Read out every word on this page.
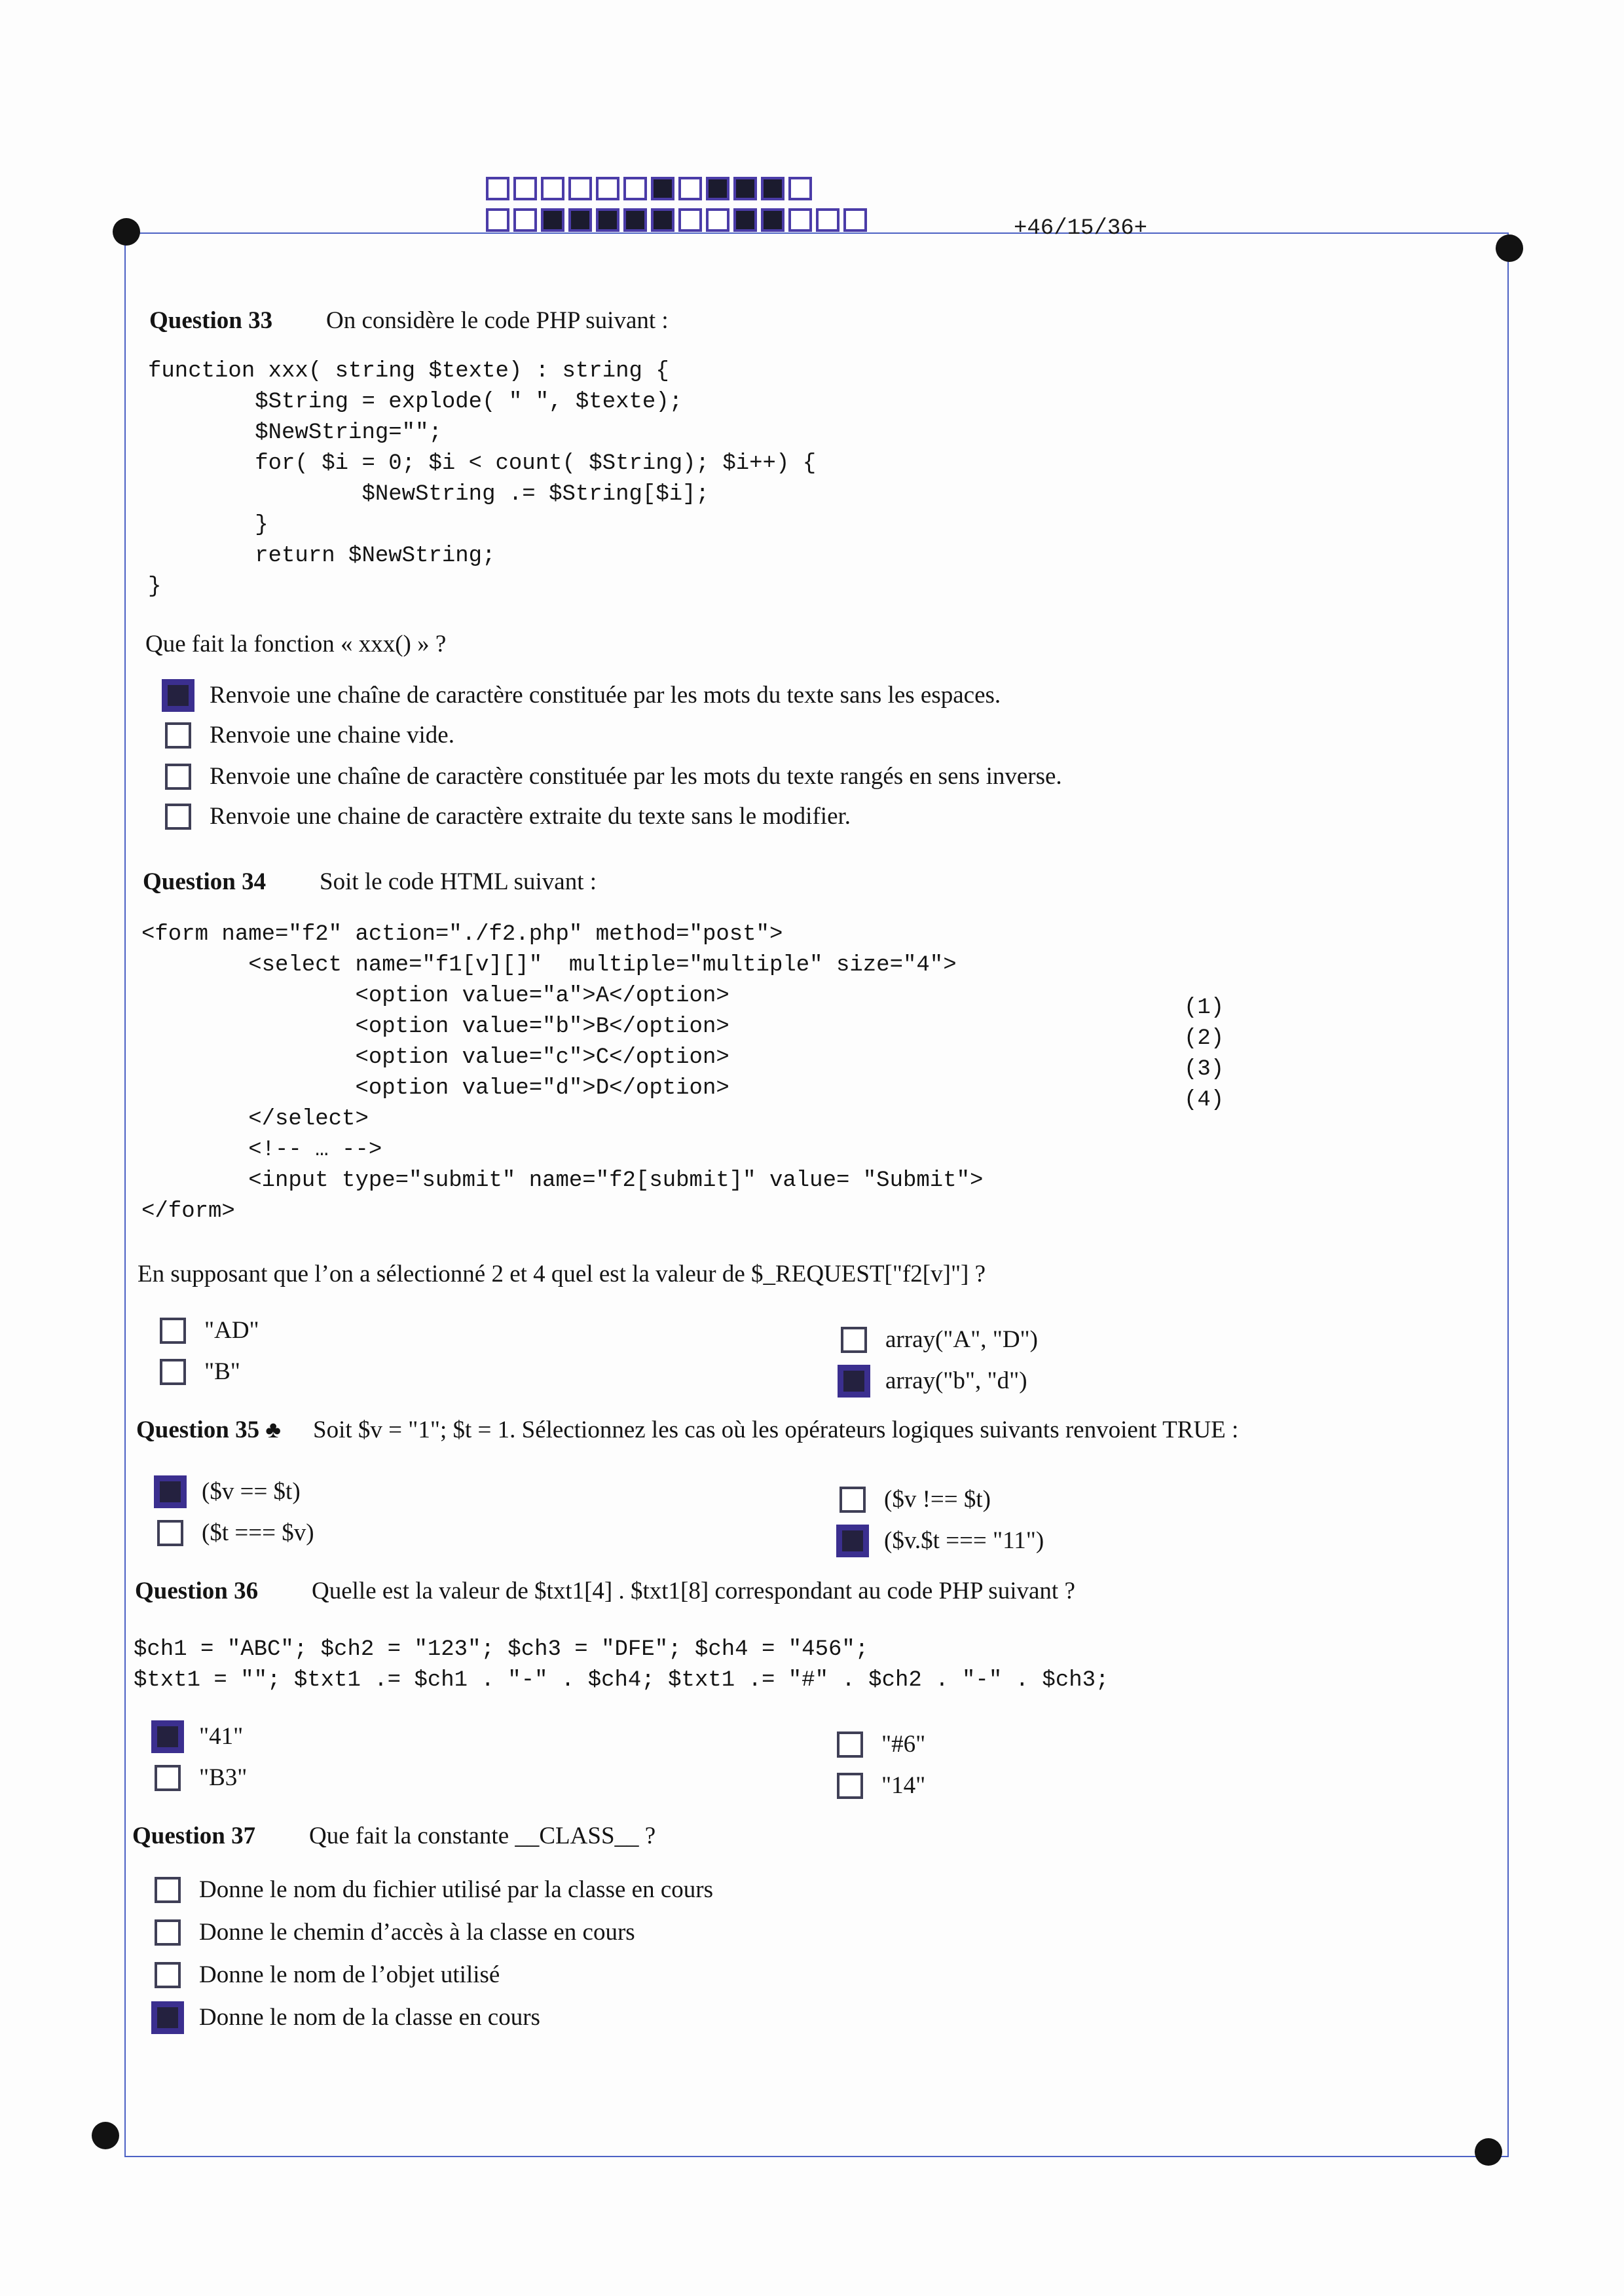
+46/15/36+
Question 33 On considère le code PHP suivant :
function xxx( string $texte) : string {
$String = explode( " ", $texte);
$NewString="";
for( $i = 0; $i < count( $String); $i++) {
$NewString .= $String[$i];
}
return $NewString;
}
Que fait la fonction « xxx() » ?
Renvoie une chaîne de caractère constituée par les mots du texte sans les espaces.
Renvoie une chaine vide.
Renvoie une chaîne de caractère constituée par les mots du texte rangés en sens inverse.
Renvoie une chaine de caractère extraite du texte sans le modifier.
Question 34 Soit le code HTML suivant :
<form name="f2" action="./f2.php" method="post">
<select name="f1[v][]"  multiple="multiple" size="4">
<option value="a">A</option>
<option value="b">B</option>
<option value="c">C</option>
<option value="d">D</option>
</select>
<!-- … -->
<input type="submit" name="f2[submit]" value= "Submit">
</form>
(1)
(2)
(3)
(4)
En supposant que l’on a sélectionné 2 et 4 quel est la valeur de $_REQUEST["f2[v]"] ?
"AD"
"B"
array("A", "D")
array("b", "d")
Question 35 ♣ Soit $v = "1"; $t = 1. Sélectionnez les cas où les opérateurs logiques suivants renvoient TRUE :
($v == $t)
($t === $v)
($v !== $t)
($v.$t === "11")
Question 36 Quelle est la valeur de $txt1[4] . $txt1[8] correspondant au code PHP suivant ?
$ch1 = "ABC"; $ch2 = "123"; $ch3 = "DFE"; $ch4 = "456";
$txt1 = ""; $txt1 .= $ch1 . "-" . $ch4; $txt1 .= "#" . $ch2 . "-" . $ch3;
"41"
"B3"
"#6"
"14"
Question 37 Que fait la constante __CLASS__ ?
Donne le nom du fichier utilisé par la classe en cours
Donne le chemin d’accès à la classe en cours
Donne le nom de l’objet utilisé
Donne le nom de la classe en cours
